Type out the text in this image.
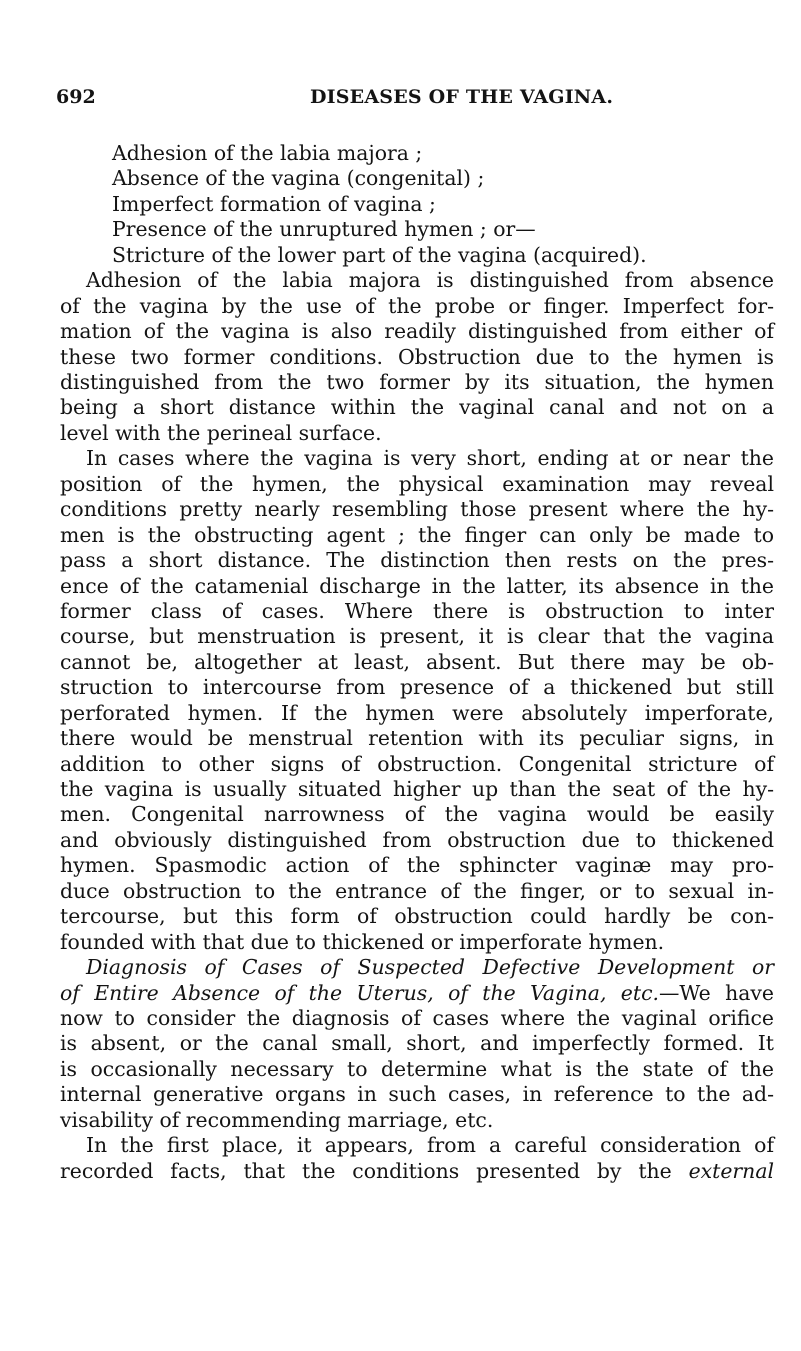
692	DISEASES OF THE VAGINA.
Adhesion of the labia majora ;
Absence of the vagina (congenital) ;
Imperfect formation of vagina ;
Presence of the unruptured hymen ; or—
Stricture of the lower part of the vagina (acquired).
Adhesion of the labia majora is distinguished from absence
of the vagina by the use of the probe or finger. Imperfect for-
mation of the vagina is also readily distinguished from either of
these two former conditions. Obstruction due to the hymen is
distinguished from the two former by its situation, the hymen
being a short distance within the vaginal canal and not on a
level with the perineal surface.
In cases where the vagina is very short, ending at or near the
position of the hymen, the physical examination may reveal
conditions pretty nearly resembling those present where the hy-
men is the obstructing agent ; the finger can only be made to
pass a short distance. The distinction then rests on the pres-
ence of the catamenial discharge in the latter, its absence in the
former class of cases. Where there is obstruction to inter
course, but menstruation is present, it is clear that the vagina
cannot be, altogether at least, absent. But there may be ob-
struction to intercourse from presence of a thickened but still
perforated hymen. If the hymen were absolutely imperforate,
there would be menstrual retention with its peculiar signs, in
addition to other signs of obstruction. Congenital stricture of
the vagina is usually situated higher up than the seat of the hy-
men. Congenital narrowness of the vagina would be easily
and obviously distinguished from obstruction due to thickened
hymen. Spasmodic action of the sphincter vaginæ may pro-
duce obstruction to the entrance of the finger, or to sexual in-
tercourse, but this form of obstruction could hardly be con-
founded with that due to thickened or imperforate hymen.
Diagnosis of Cases of Suspected Defective Development or
of Entire Absence of the Uterus, of the Vagina, etc.—We have
now to consider the diagnosis of cases where the vaginal orifice
is absent, or the canal small, short, and imperfectly formed. It
is occasionally necessary to determine what is the state of the
internal generative organs in such cases, in reference to the ad-
visability of recommending marriage, etc.
In the first place, it appears, from a careful consideration of
recorded facts, that the conditions presented by the external
